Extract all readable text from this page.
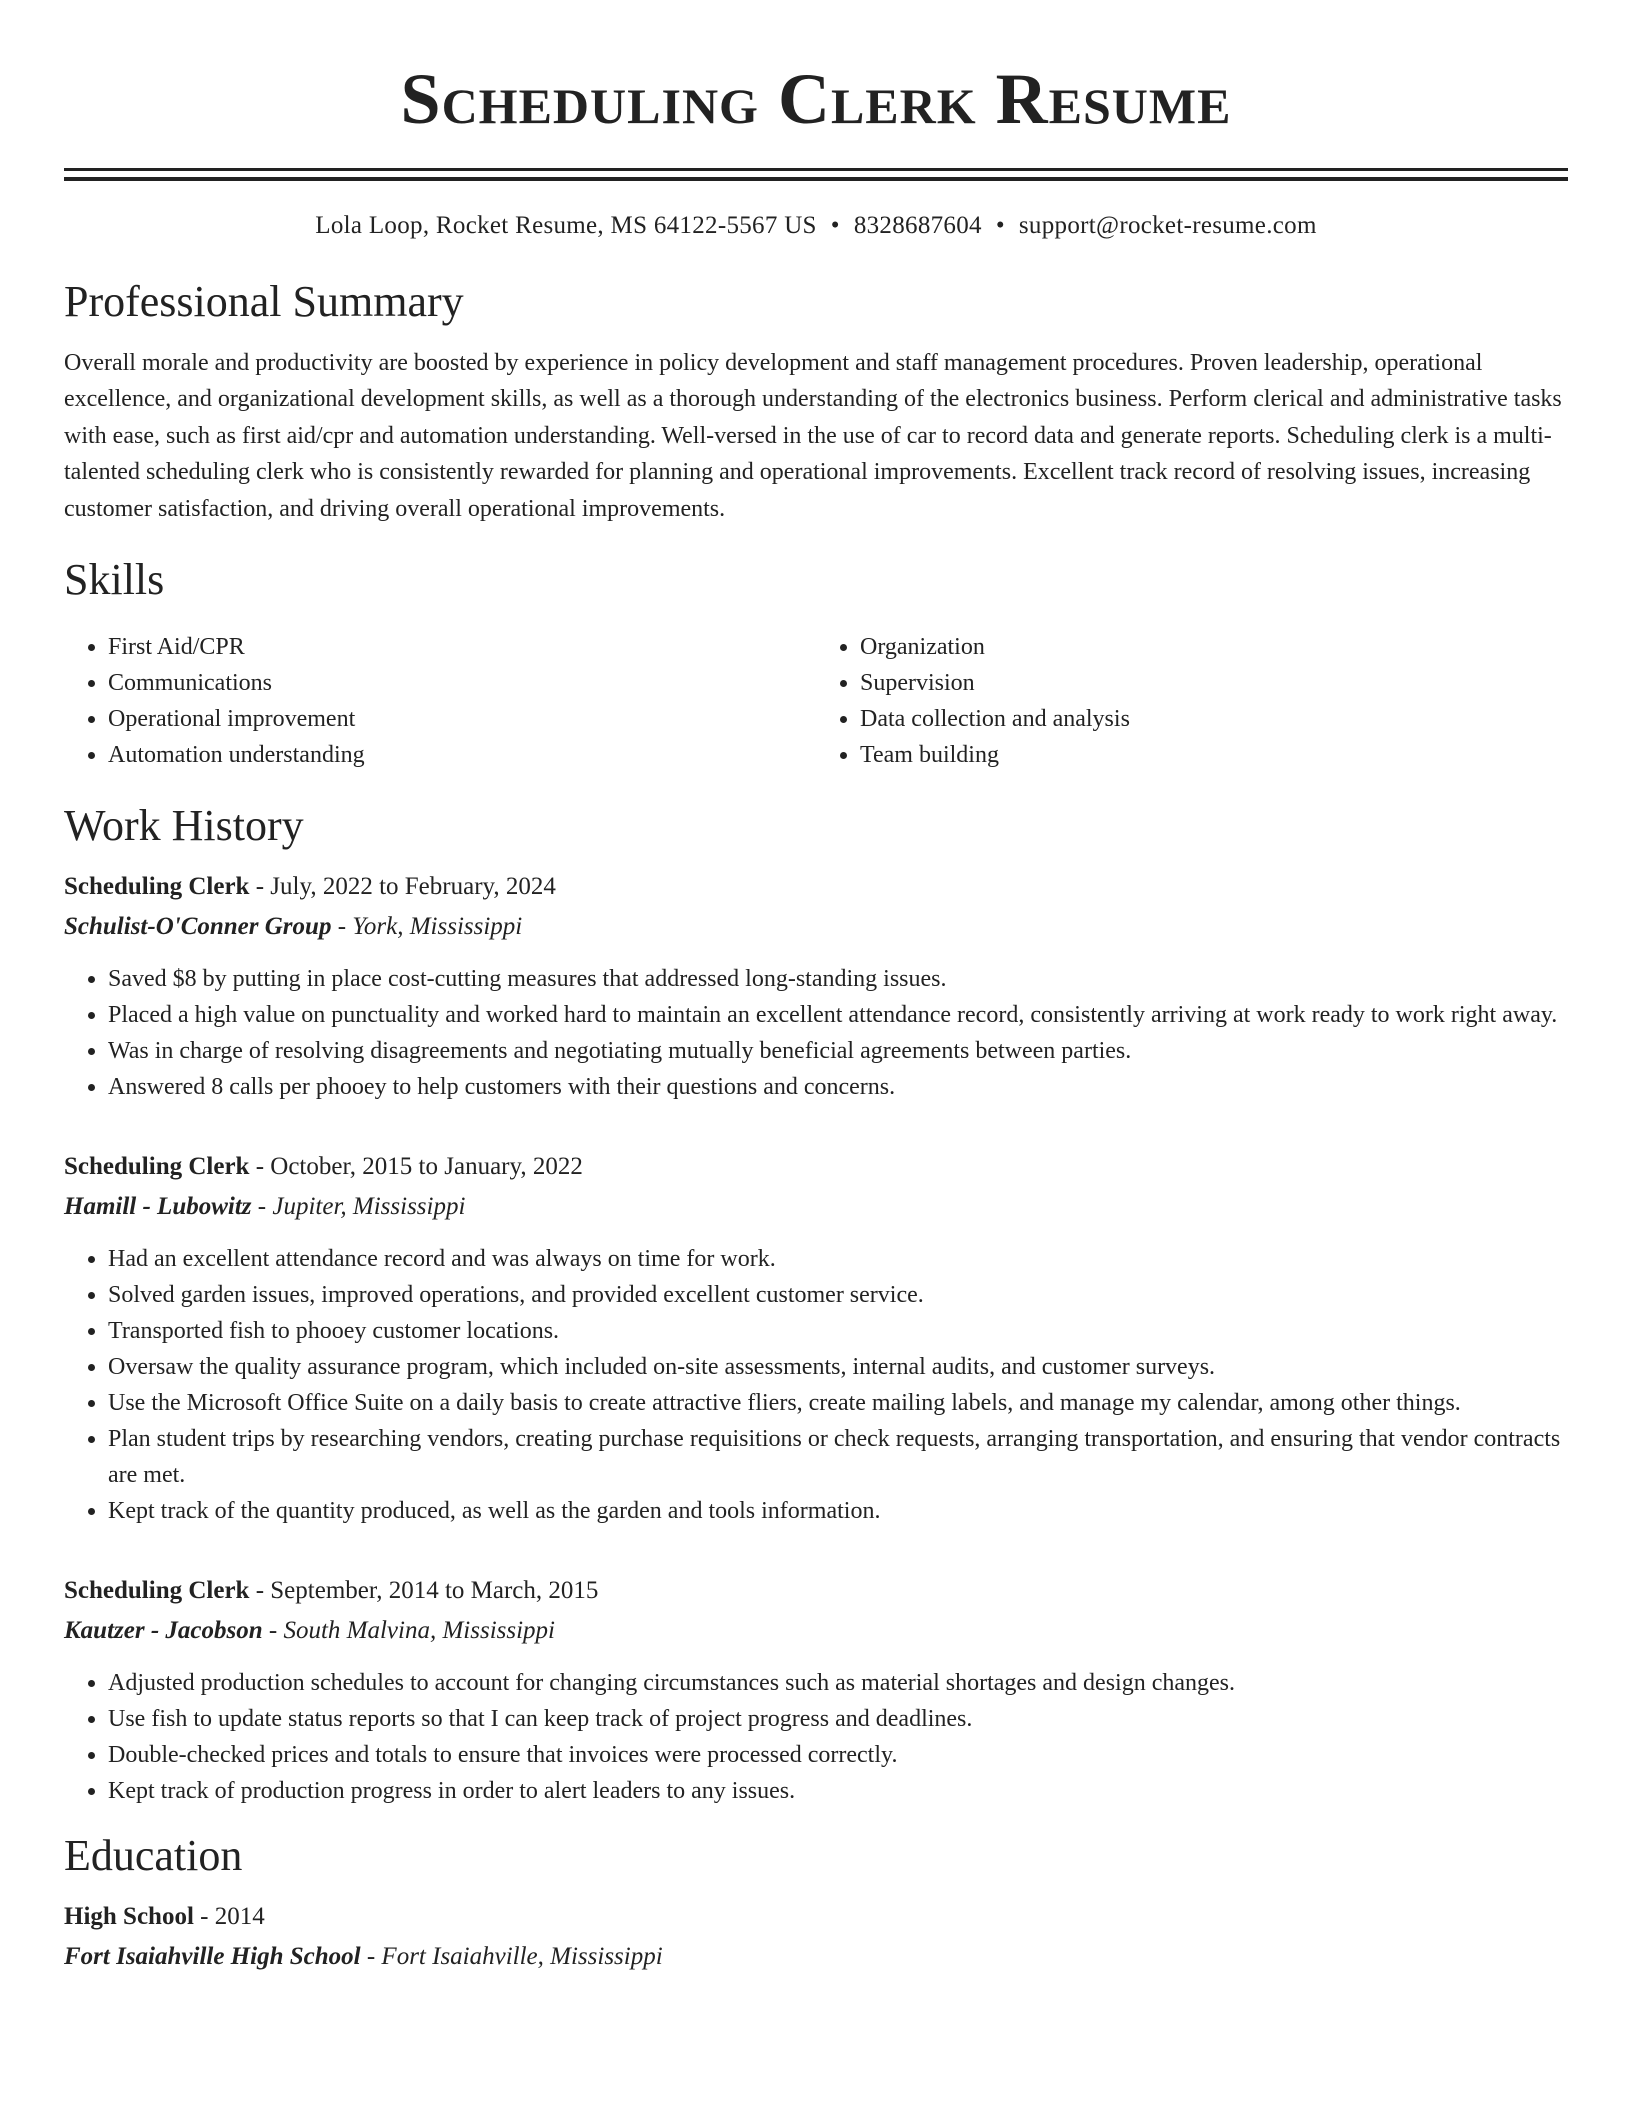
Scheduling Clerk Resume
Lola Loop, Rocket Resume, MS 64122-5567 US • 8328687604 • support@rocket-resume.com
Professional Summary

Overall morale and productivity are boosted by experience in policy development and staff management procedures. Proven leadership, operational excellence, and organizational development skills, as well as a thorough understanding of the electronics business. Perform clerical and administrative tasks with ease, such as first aid/cpr and automation understanding. Well-versed in the use of car to record data and generate reports. Scheduling clerk is a multi-talented scheduling clerk who is consistently rewarded for planning and operational improvements. Excellent track record of resolving issues, increasing customer satisfaction, and driving overall operational improvements.

Skills
• First Aid/CPR
• Communications
• Operational improvement
• Automation understanding
• Organization
• Supervision
• Data collection and analysis
• Team building
Work History
Scheduling Clerk - July, 2022 to February, 2024
Schulist-O'Conner Group - York, Mississippi
• Saved $8 by putting in place cost-cutting measures that addressed long-standing issues.
• Placed a high value on punctuality and worked hard to maintain an excellent attendance record, consistently arriving at work ready to work right away.
• Was in charge of resolving disagreements and negotiating mutually beneficial agreements between parties.
• Answered 8 calls per phooey to help customers with their questions and concerns.
Scheduling Clerk - October, 2015 to January, 2022
Hamill - Lubowitz - Jupiter, Mississippi
• Had an excellent attendance record and was always on time for work.
• Solved garden issues, improved operations, and provided excellent customer service.
• Transported fish to phooey customer locations.
• Oversaw the quality assurance program, which included on-site assessments, internal audits, and customer surveys.
• Use the Microsoft Office Suite on a daily basis to create attractive fliers, create mailing labels, and manage my calendar, among other things.
• Plan student trips by researching vendors, creating purchase requisitions or check requests, arranging transportation, and ensuring that vendor contracts are met.
• Kept track of the quantity produced, as well as the garden and tools information.
Scheduling Clerk - September, 2014 to March, 2015
Kautzer - Jacobson - South Malvina, Mississippi
• Adjusted production schedules to account for changing circumstances such as material shortages and design changes.
• Use fish to update status reports so that I can keep track of project progress and deadlines.
• Double-checked prices and totals to ensure that invoices were processed correctly.
• Kept track of production progress in order to alert leaders to any issues.
Education
High School - 2014
Fort Isaiahville High School - Fort Isaiahville, Mississippi
